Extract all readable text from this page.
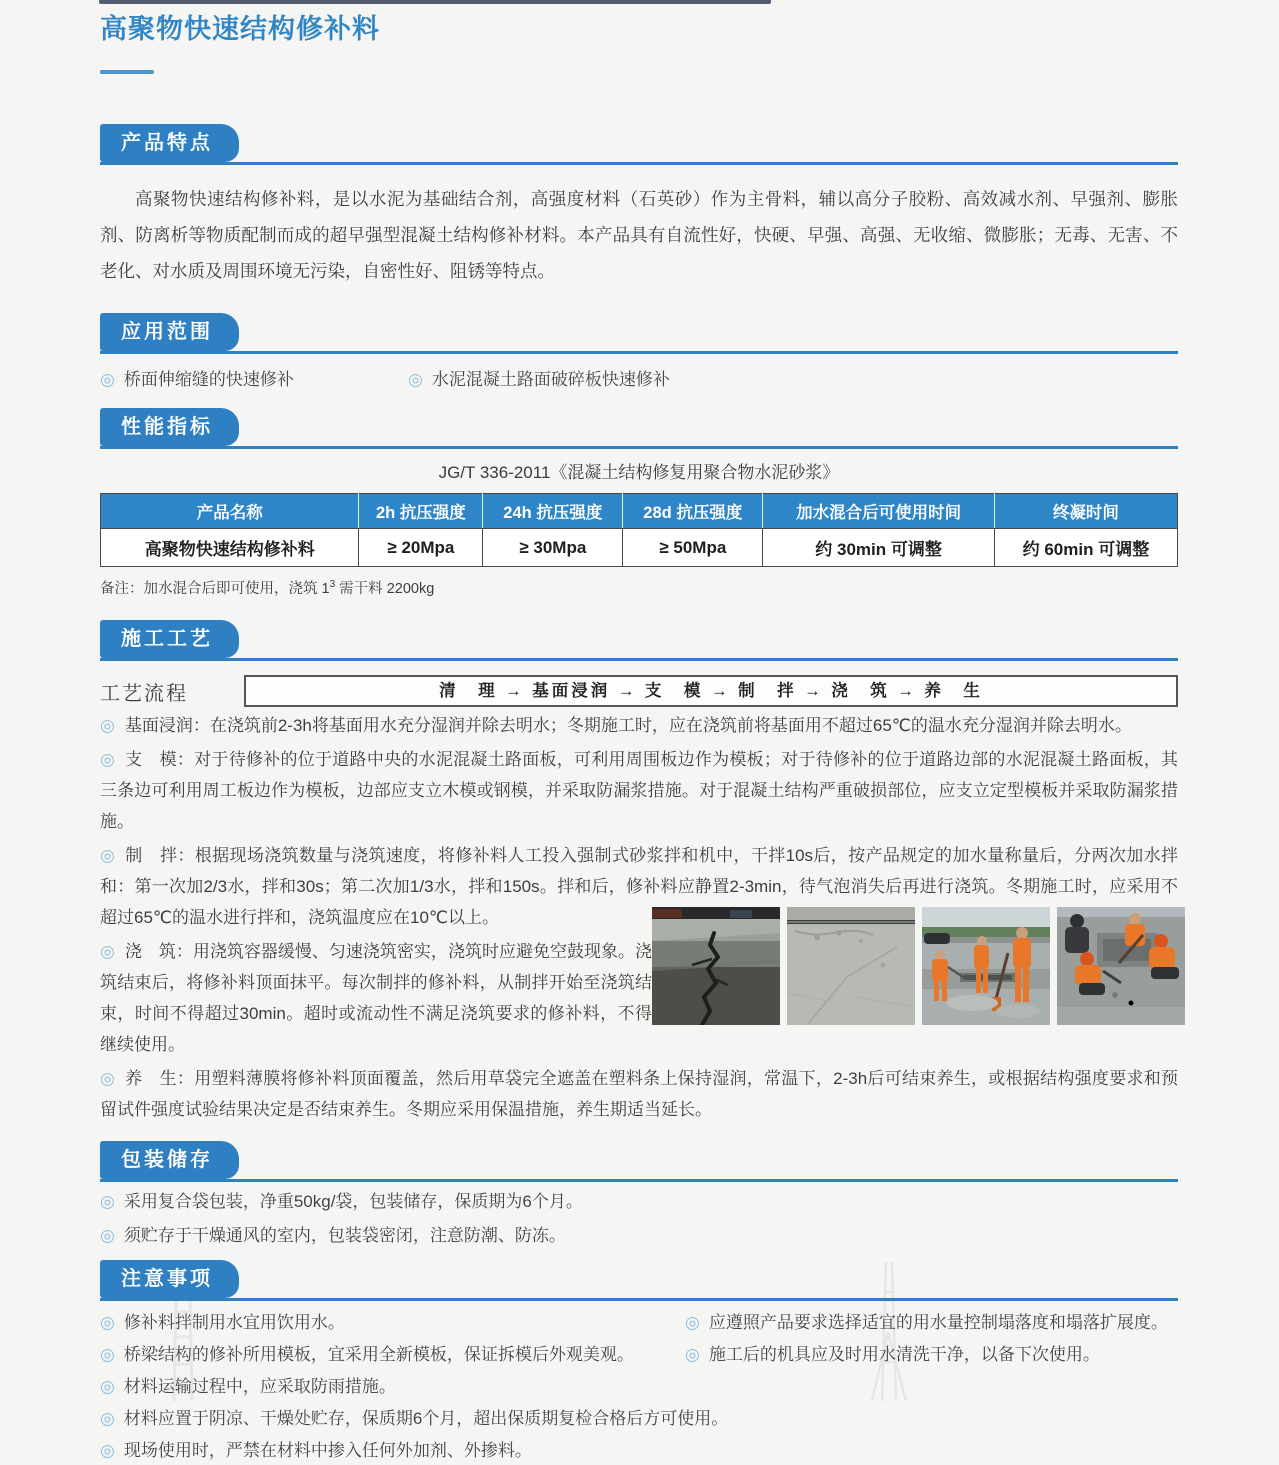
高聚物快速结构修补料
产品特点

高聚物快速结构修补料，是以水泥为基础结合剂，高强度材料（石英砂）作为主骨料，辅以高分子胶粉、高效减水剂、早强剂、膨胀剂、防离析等物质配制而成的超早强型混凝土结构修补材料。本产品具有自流性好，快硬、早强、高强、无收缩、微膨胀；无毒、无害、不老化、对水质及周围环境无污染，自密性好、阻锈等特点。

应用范围
◎ 桥面伸缩缝的快速修补	◎ 水泥混凝土路面破碎板快速修补
性能指标

JG/T 336-2011《混凝土结构修复用聚合物水泥砂浆》

产品名称	2h 抗压强度	24h 抗压强度	28d 抗压强度	加水混合后可使用时间	终凝时间
高聚物快速结构修补料	≥ 20Mpa	≥ 30Mpa	≥ 50Mpa	约 30min 可调整	约 60min 可调整

备注：加水混合后即可使用，浇筑 $1^3$ 需干料 2200kg

施工工艺
工艺流程	清　理 → 基面浸润 → 支　模 → 制　拌 → 浇　筑 → 养　生

◎ 基面浸润：在浇筑前2-3h将基面用水充分湿润并除去明水；冬期施工时，应在浇筑前将基面用不超过65℃的温水充分湿润并除去明水。

◎ 支　模：对于待修补的位于道路中央的水泥混凝土路面板，可利用周围板边作为模板；对于待修补的位于道路边部的水泥混凝土路面板，其三条边可利用周工板边作为模板，边部应支立木模或钢模，并采取防漏浆措施。对于混凝土结构严重破损部位，应支立定型模板并采取防漏浆措施。

◎ 制　拌：根据现场浇筑数量与浇筑速度，将修补料人工投入强制式砂浆拌和机中，干拌10s后，按产品规定的加水量称量后，分两次加水拌和：第一次加2/3水，拌和30s；第二次加1/3水，拌和150s。拌和后，修补料应静置2-3min，待气泡消失后再进行浇筑。冬期施工时，应采用不超过65℃的温水进行拌和，浇筑温度应在10℃以上。

◎ 浇　筑：用浇筑容器缓慢、匀速浇筑密实，浇筑时应避免空鼓现象。浇筑结束后，将修补料顶面抹平。每次制拌的修补料，从制拌开始至浇筑结束，时间不得超过30min。超时或流动性不满足浇筑要求的修补料，不得继续使用。

◎ 养　生：用塑料薄膜将修补料顶面覆盖，然后用草袋完全遮盖在塑料条上保持湿润，常温下，2-3h后可结束养生，或根据结构强度要求和预留试件强度试验结果决定是否结束养生。冬期应采用保温措施，养生期适当延长。

包装储存
◎ 采用复合袋包装，净重50kg/袋，包装储存，保质期为6个月。
◎ 须贮存于干燥通风的室内，包装袋密闭，注意防潮、防冻。
注意事项
◎ 修补料拌制用水宜用饮用水。	◎ 应遵照产品要求选择适宜的用水量控制塌落度和塌落扩展度。
◎ 桥梁结构的修补所用模板，宜采用全新模板，保证拆模后外观美观。	◎ 施工后的机具应及时用水清洗干净，以备下次使用。
◎ 材料运输过程中，应采取防雨措施。
◎ 材料应置于阴凉、干燥处贮存，保质期6个月，超出保质期复检合格后方可使用。
◎ 现场使用时，严禁在材料中掺入任何外加剂、外掺料。
